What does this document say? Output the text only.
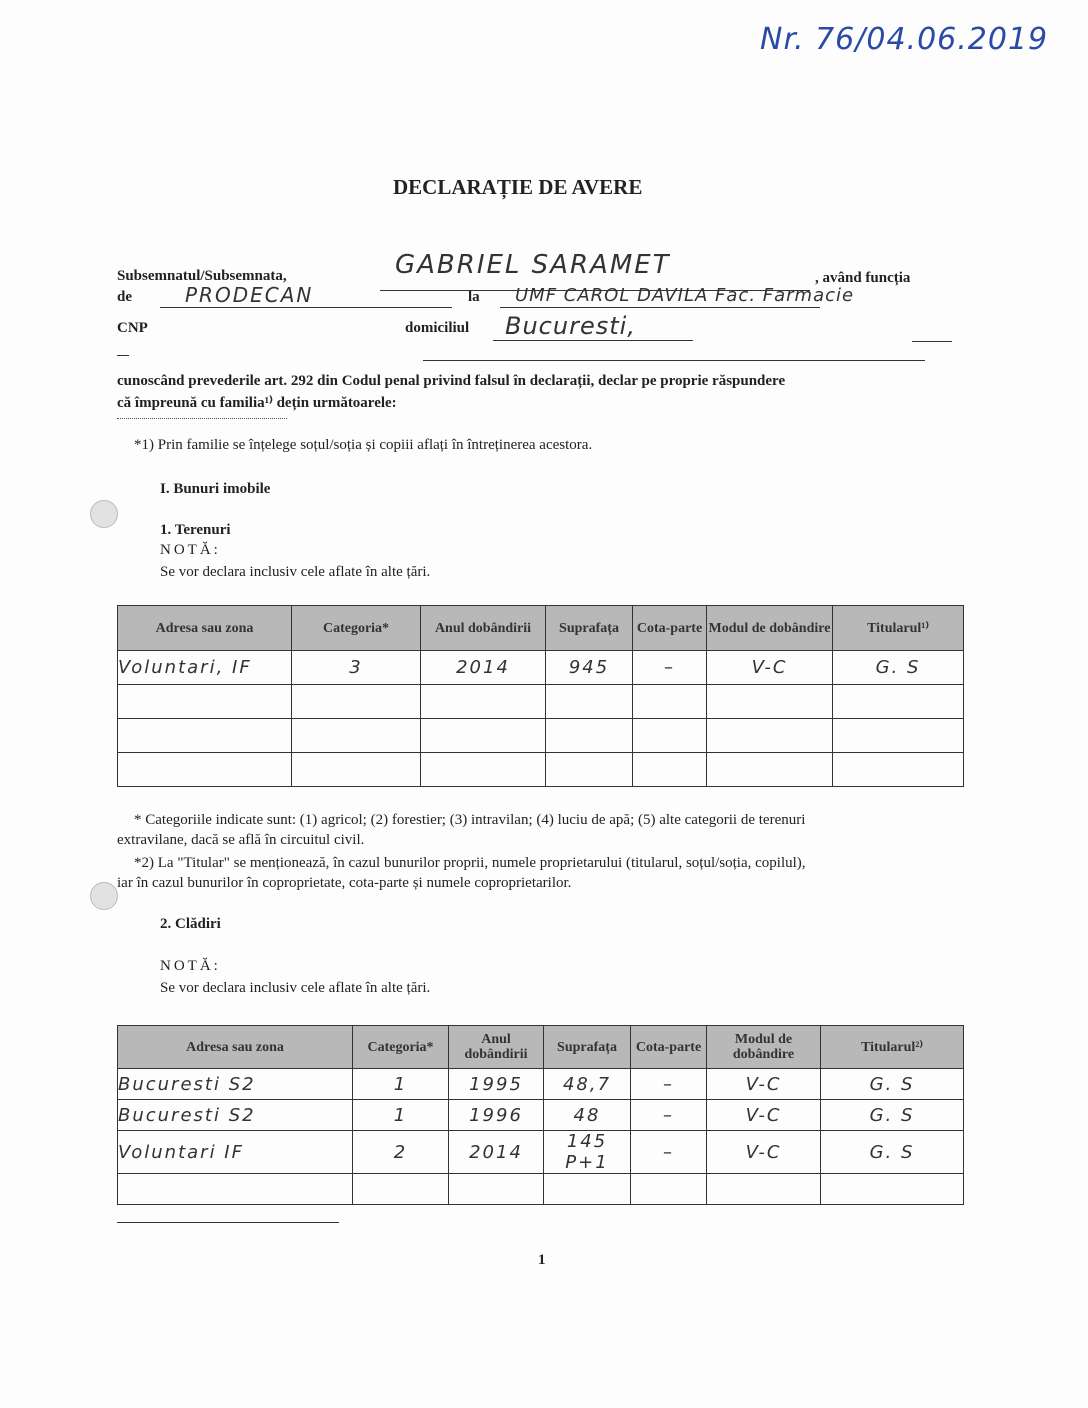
Nr. 76/04.06.2019
DECLARAȚIE DE AVERE
Subsemnatul/Subsemnata,	GABRIEL SARAMET	, având funcția
de	PRODECAN	la UMF CAROL DAVILA Fac. Farmacie
CNP	domiciliul Bucuresti,
cunoscând prevederile art. 292 din Codul penal privind falsul în declarații, declar pe proprie răspundere
că împreună cu familia¹⁾ dețin următoarele:
*1) Prin familie se înțelege soțul/soția și copiii aflați în întreținerea acestora.
I. Bunuri imobile
1. Terenuri
NOTĂ:
Se vor declara inclusiv cele aflate în alte țări.
Adresa sau zona	Categoria*	Anul dobândirii	Suprafața	Cota-parte	Modul de dobândire	Titularul¹⁾
Voluntari, IF	3	2014	945	–	V-C	G. S

* Categoriile indicate sunt: (1) agricol; (2) forestier; (3) intravilan; (4) luciu de apă; (5) alte categorii de terenuri
extravilane, dacă se află în circuitul civil.
*2) La "Titular" se menționează, în cazul bunurilor proprii, numele proprietarului (titularul, soțul/soția, copilul),
iar în cazul bunurilor în coproprietate, cota-parte și numele coproprietarilor.
2. Clădiri
NOTĂ:
Se vor declara inclusiv cele aflate în alte țări.
Adresa sau zona	Categoria*	Anul dobândirii	Suprafața	Cota-parte	Modul de dobândire	Titularul²⁾
Bucuresti S2	1	1995	48,7	–	V-C	G. S
Bucuresti S2	1	1996	48	–	V-C	G. S
Voluntari IF	2	2014	145 P+1	–	V-C	G. S

1
